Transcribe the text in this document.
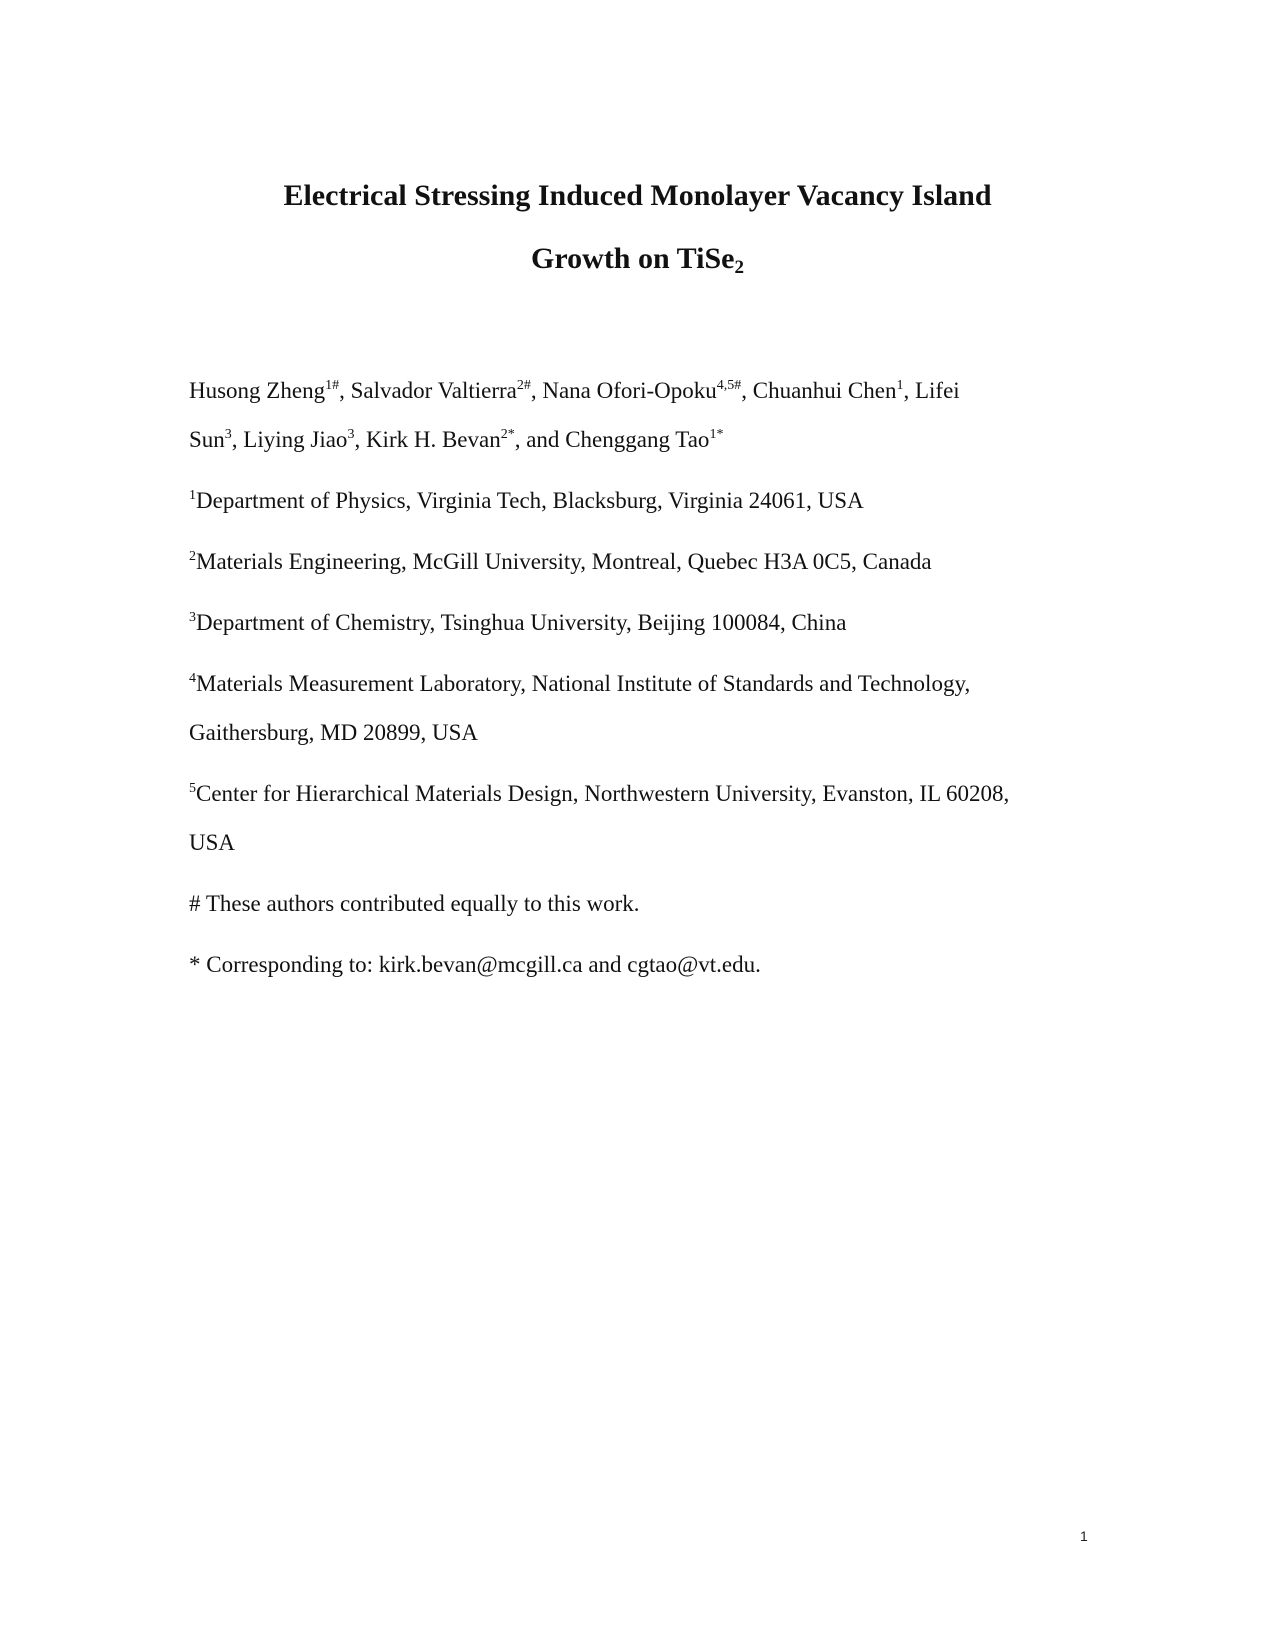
Electrical Stressing Induced Monolayer Vacancy Island
Growth on TiSe$_2$

Husong Zheng$^{1\#}$, Salvador Valtierra$^{2\#}$, Nana Ofori-Opoku$^{4,5\#}$, Chuanhui Chen$^1$, Lifei

Sun$^3$, Liying Jiao$^3$, Kirk H. Bevan$^{2*}$, and Chenggang Tao$^{1*}$

$^1$Department of Physics, Virginia Tech, Blacksburg, Virginia 24061, USA

$^2$Materials Engineering, McGill University, Montreal, Quebec H3A 0C5, Canada

$^3$Department of Chemistry, Tsinghua University, Beijing 100084, China

$^4$Materials Measurement Laboratory, National Institute of Standards and Technology,

Gaithersburg, MD 20899, USA

$^5$Center for Hierarchical Materials Design, Northwestern University, Evanston, IL 60208,

USA

# These authors contributed equally to this work.

* Corresponding to: kirk.bevan@mcgill.ca and cgtao@vt.edu.

1
